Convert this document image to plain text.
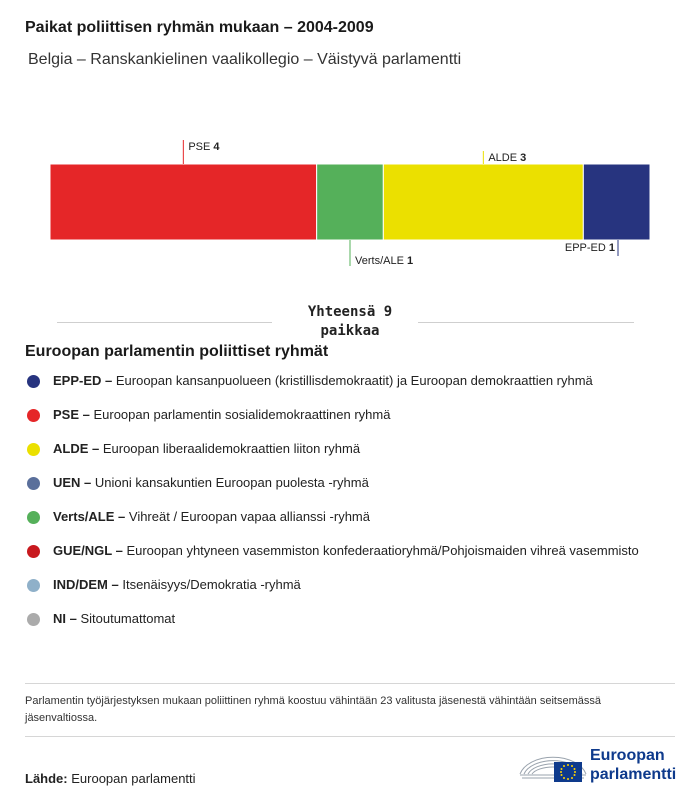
Paikat poliittisen ryhmän mukaan – 2004-2009
Belgia – Ranskankielinen vaalikollegio – Väistyvä parlamentti
PSE 4
Verts/ALE 1
ALDE 3
EPP-ED 1
Yhteensä 9 paikkaa
Euroopan parlamentin poliittiset ryhmät
EPP-ED – Euroopan kansanpuolueen (kristillisdemokraatit) ja Euroopan demokraattien ryhmä
PSE – Euroopan parlamentin sosialidemokraattinen ryhmä
ALDE – Euroopan liberaalidemokraattien liiton ryhmä
UEN – Unioni kansakuntien Euroopan puolesta -ryhmä
Verts/ALE – Vihreät / Euroopan vapaa allianssi -ryhmä
GUE/NGL – Euroopan yhtyneen vasemmiston konfederaatioryhmä/Pohjoismaiden vihreä vasemmisto
IND/DEM – Itsenäisyys/Demokratia -ryhmä
NI – Sitoutumattomat
Parlamentin työjärjestyksen mukaan poliittinen ryhmä koostuu vähintään 23 valitusta jäsenestä vähintään seitsemässä jäsenvaltiossa.
Lähde: Euroopan parlamentti
Euroopan
parlamentti
